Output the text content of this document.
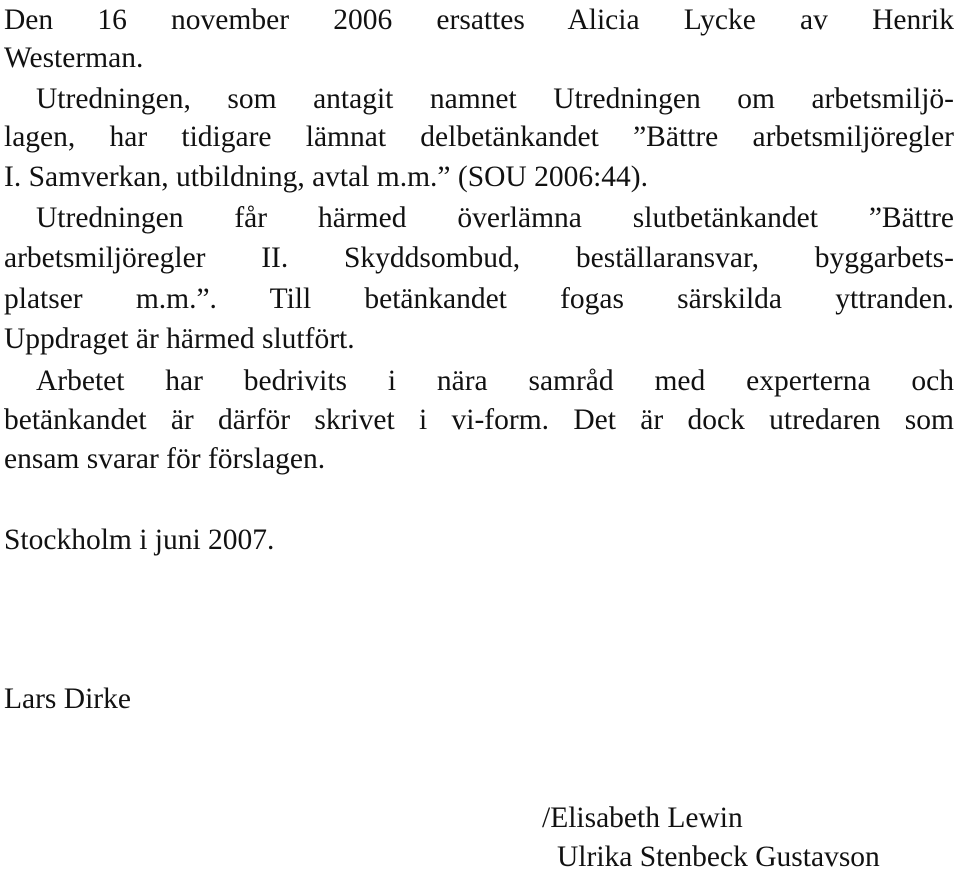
Den 16 november 2006 ersattes Alicia Lycke av Henrik
Westerman.
Utredningen, som antagit namnet Utredningen om arbetsmiljö-
lagen, har tidigare lämnat delbetänkandet ”Bättre arbetsmiljöregler
I. Samverkan, utbildning, avtal m.m.” (SOU 2006:44).
Utredningen får härmed överlämna slutbetänkandet ”Bättre
arbetsmiljöregler II. Skyddsombud, beställaransvar, byggarbets-
platser m.m.”. Till betänkandet fogas särskilda yttranden.
Uppdraget är härmed slutfört.
Arbetet har bedrivits i nära samråd med experterna och
betänkandet är därför skrivet i vi-form. Det är dock utredaren som
ensam svarar för förslagen.
Stockholm i juni 2007.
Lars Dirke
/Elisabeth Lewin
Ulrika Stenbeck Gustavson
